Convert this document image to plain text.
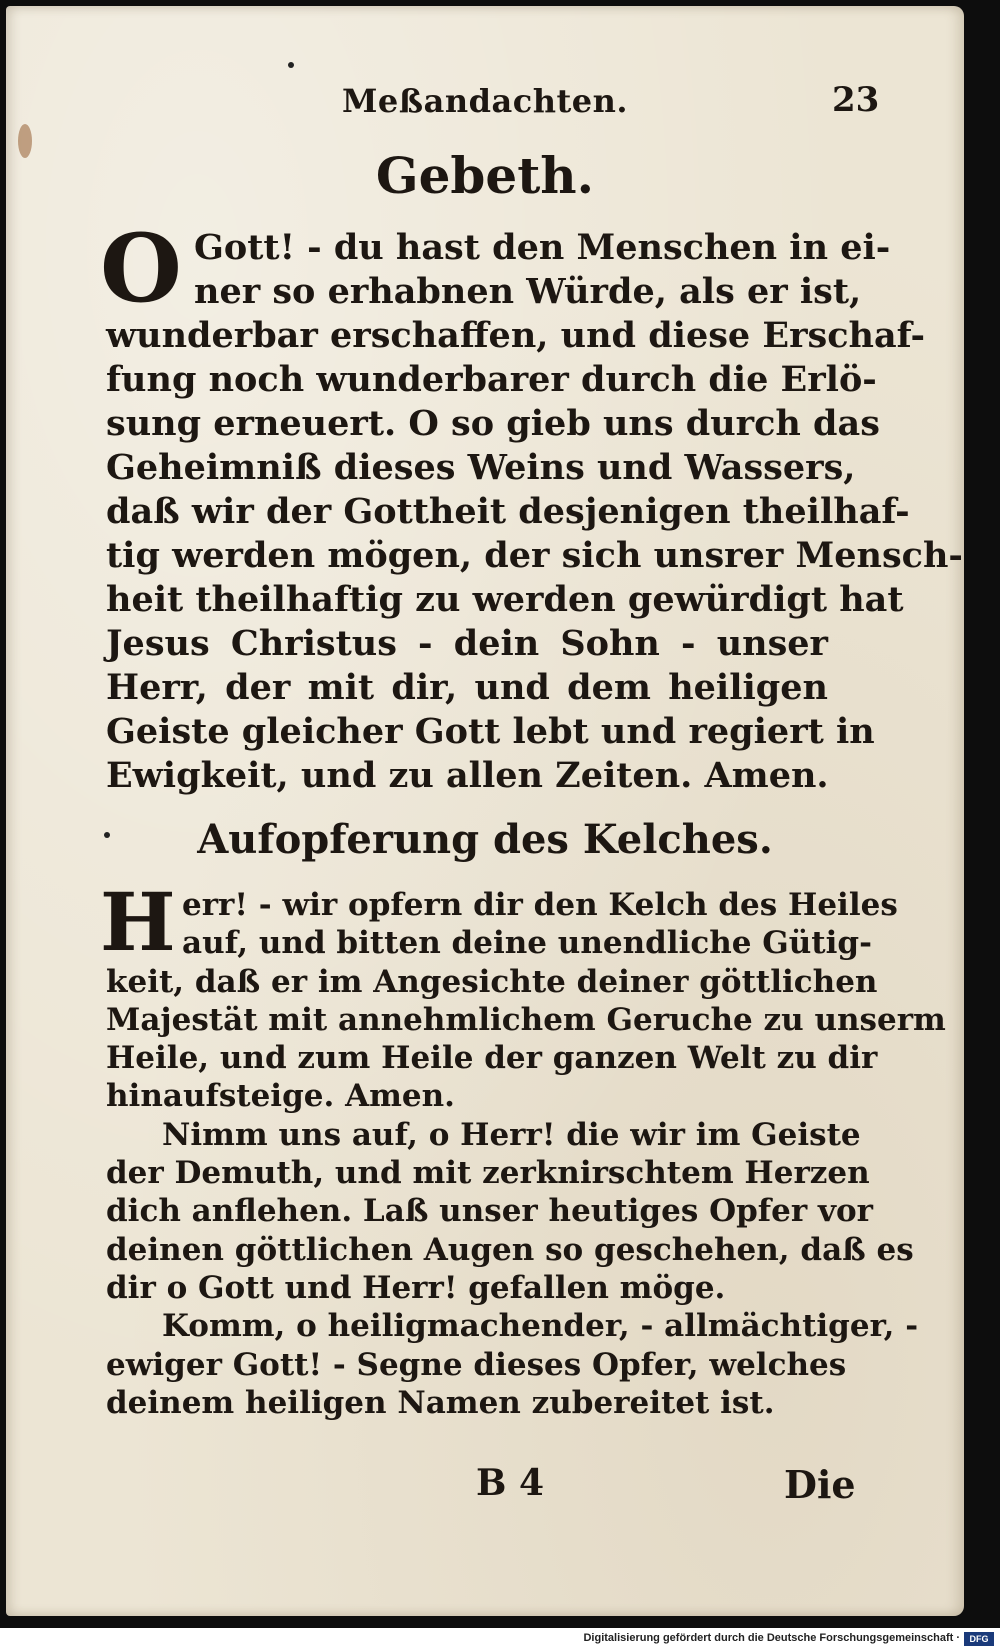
Meßandachten.	23
Gebeth.
O Gott! - du hast den Menschen in ei-
ner so erhabnen Würde, als er ist,
wunderbar erschaffen, und diese Erschaf-
fung noch wunderbarer durch die Erlö-
sung erneuert. O so gieb uns durch das
Geheimniß dieses Weins und Wassers,
daß wir der Gottheit desjenigen theilhaf-
tig werden mögen, der sich unsrer Mensch-
heit theilhaftig zu werden gewürdigt hat
Jesus Christus - dein Sohn - unser
Herr, der mit dir, und dem heiligen
Geiste gleicher Gott lebt und regiert in
Ewigkeit, und zu allen Zeiten. Amen.
Aufopferung des Kelches.
H err! - wir opfern dir den Kelch des Heiles
auf, und bitten deine unendliche Gütig-
keit, daß er im Angesichte deiner göttlichen
Majestät mit annehmlichem Geruche zu unserm
Heile, und zum Heile der ganzen Welt zu dir
hinaufsteige. Amen.
Nimm uns auf, o Herr! die wir im Geiste
der Demuth, und mit zerknirschtem Herzen
dich anflehen. Laß unser heutiges Opfer vor
deinen göttlichen Augen so geschehen, daß es
dir o Gott und Herr! gefallen möge.
Komm, o heiligmachender, - allmächtiger, -
ewiger Gott! - Segne dieses Opfer, welches
deinem heiligen Namen zubereitet ist.
B 4	Die
Digitalisierung gefördert durch die Deutsche Forschungsgemeinschaft ·	DFG
